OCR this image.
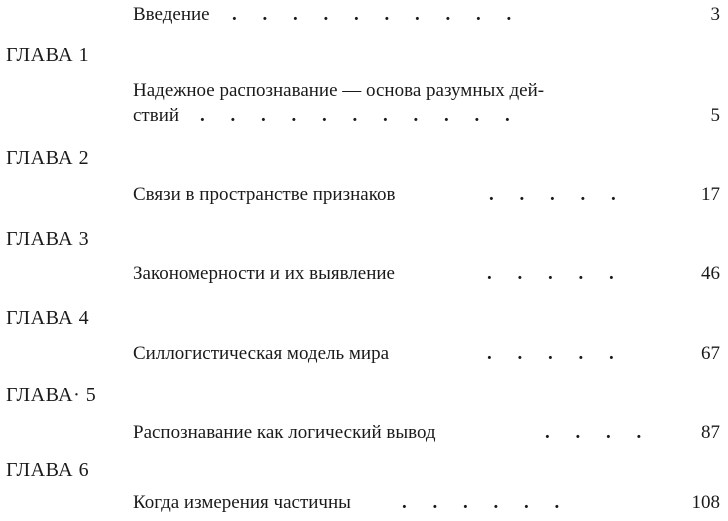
Введение . . . . . . . . . .	3
ГЛАВА 1
Надежное распознавание — основа разумных дей-
ствий . . . . . . . . . . .	5
ГЛАВА 2
Связи в пространстве признаков	. . . . .	17
ГЛАВА 3
Закономерности и их выявление	. . . . .	46
ГЛАВА 4
Силлогистическая модель мира	. . . . .	67
ГЛАВА· 5
Распознавание как логический вывод	. . . .	87
ГЛАВА 6
Когда измерения частичны	. . . . . .	108
